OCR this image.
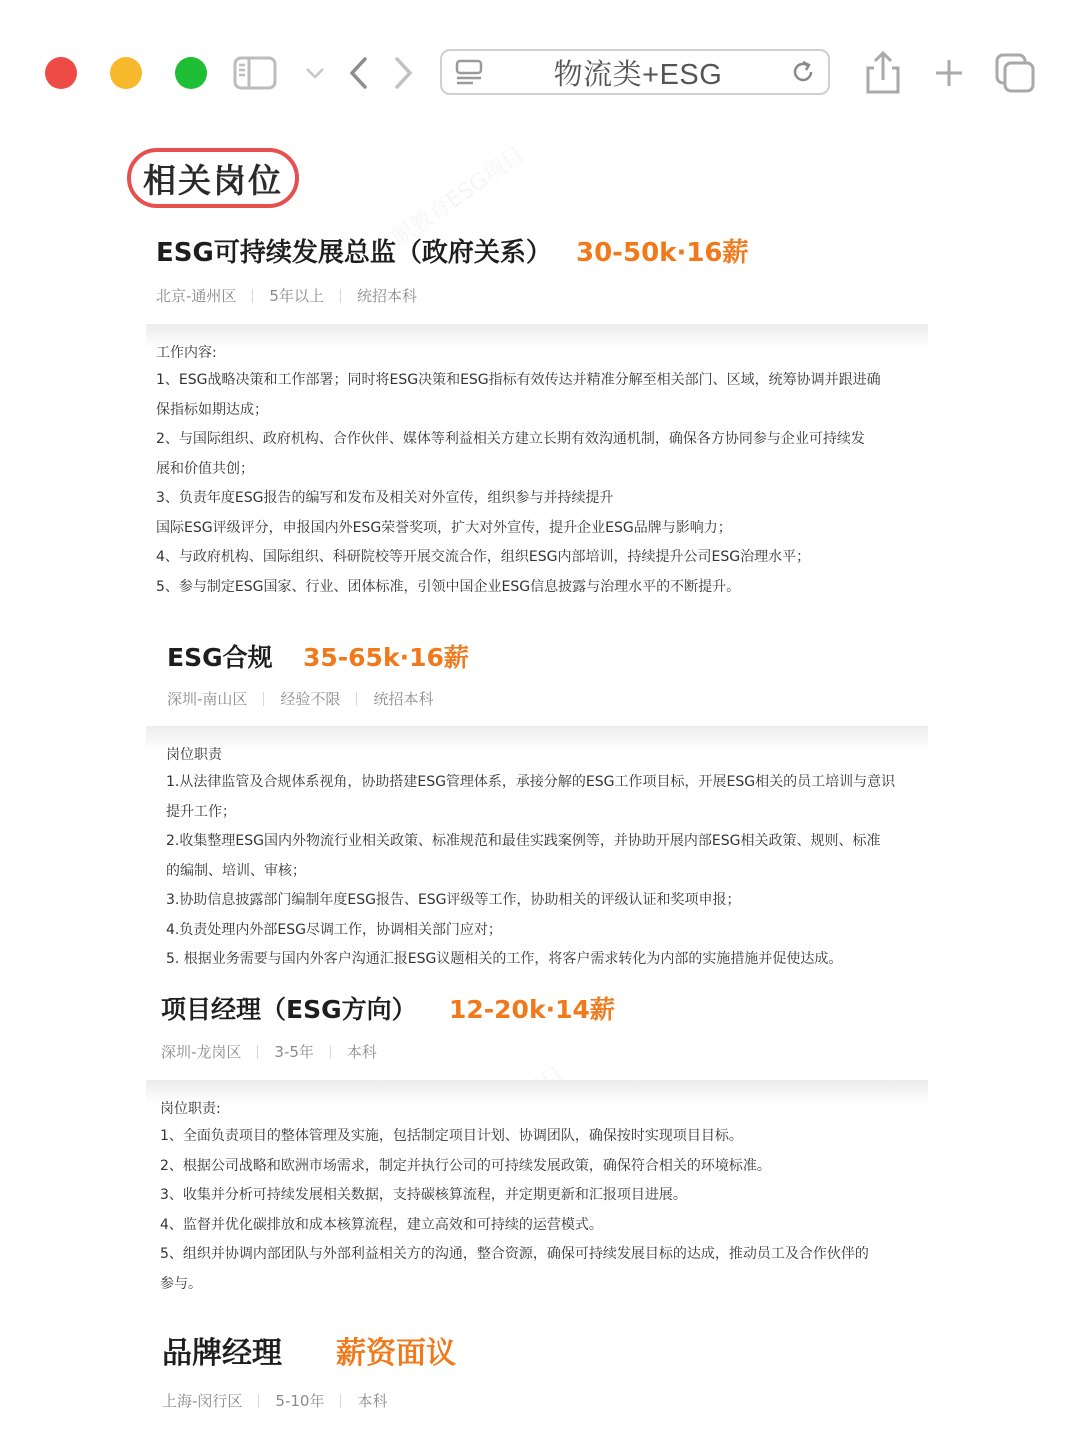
物流类+ESG
职教育ESG项目
相关岗位
ESG可持续发展总监（政府关系） 30-50k·16薪
北京-通州区 5年以上 统招本科
工作内容:
1、ESG战略决策和工作部署；同时将ESG决策和ESG指标有效传达并精准分解至相关部门、区域，统筹协调并跟进确
保指标如期达成；
2、与国际组织、政府机构、合作伙伴、媒体等利益相关方建立长期有效沟通机制，确保各方协同参与企业可持续发
展和价值共创；
3、负责年度ESG报告的编写和发布及相关对外宣传，组织参与并持续提升
国际ESG评级评分，申报国内外ESG荣誉奖项，扩大对外宣传，提升企业ESG品牌与影响力；
4、与政府机构、国际组织、科研院校等开展交流合作，组织ESG内部培训，持续提升公司ESG治理水平；
5、参与制定ESG国家、行业、团体标准，引领中国企业ESG信息披露与治理水平的不断提升。
ESG合规 35-65k·16薪
深圳-南山区 经验不限 统招本科
岗位职责
1.从法律监管及合规体系视角，协助搭建ESG管理体系，承接分解的ESG工作项目标，开展ESG相关的员工培训与意识
提升工作；
2.收集整理ESG国内外物流行业相关政策、标准规范和最佳实践案例等，并协助开展内部ESG相关政策、规则、标准
的编制、培训、审核；
3.协助信息披露部门编制年度ESG报告、ESG评级等工作，协助相关的评级认证和奖项申报；
4.负责处理内外部ESG尽调工作，协调相关部门应对；
5. 根据业务需要与国内外客户沟通汇报ESG议题相关的工作，将客户需求转化为内部的实施措施并促使达成。
项目经理（ESG方向） 12-20k·14薪
深圳-龙岗区 3-5年 本科
岗位职责:
1、全面负责项目的整体管理及实施，包括制定项目计划、协调团队，确保按时实现项目目标。
2、根据公司战略和欧洲市场需求，制定并执行公司的可持续发展政策，确保符合相关的环境标准。
3、收集并分析可持续发展相关数据，支持碳核算流程，并定期更新和汇报项目进展。
4、监督并优化碳排放和成本核算流程，建立高效和可持续的运营模式。
5、组织并协调内部团队与外部利益相关方的沟通，整合资源，确保可持续发展目标的达成，推动员工及合作伙伴的
参与。
品牌经理 薪资面议
上海-闵行区 5-10年 本科
